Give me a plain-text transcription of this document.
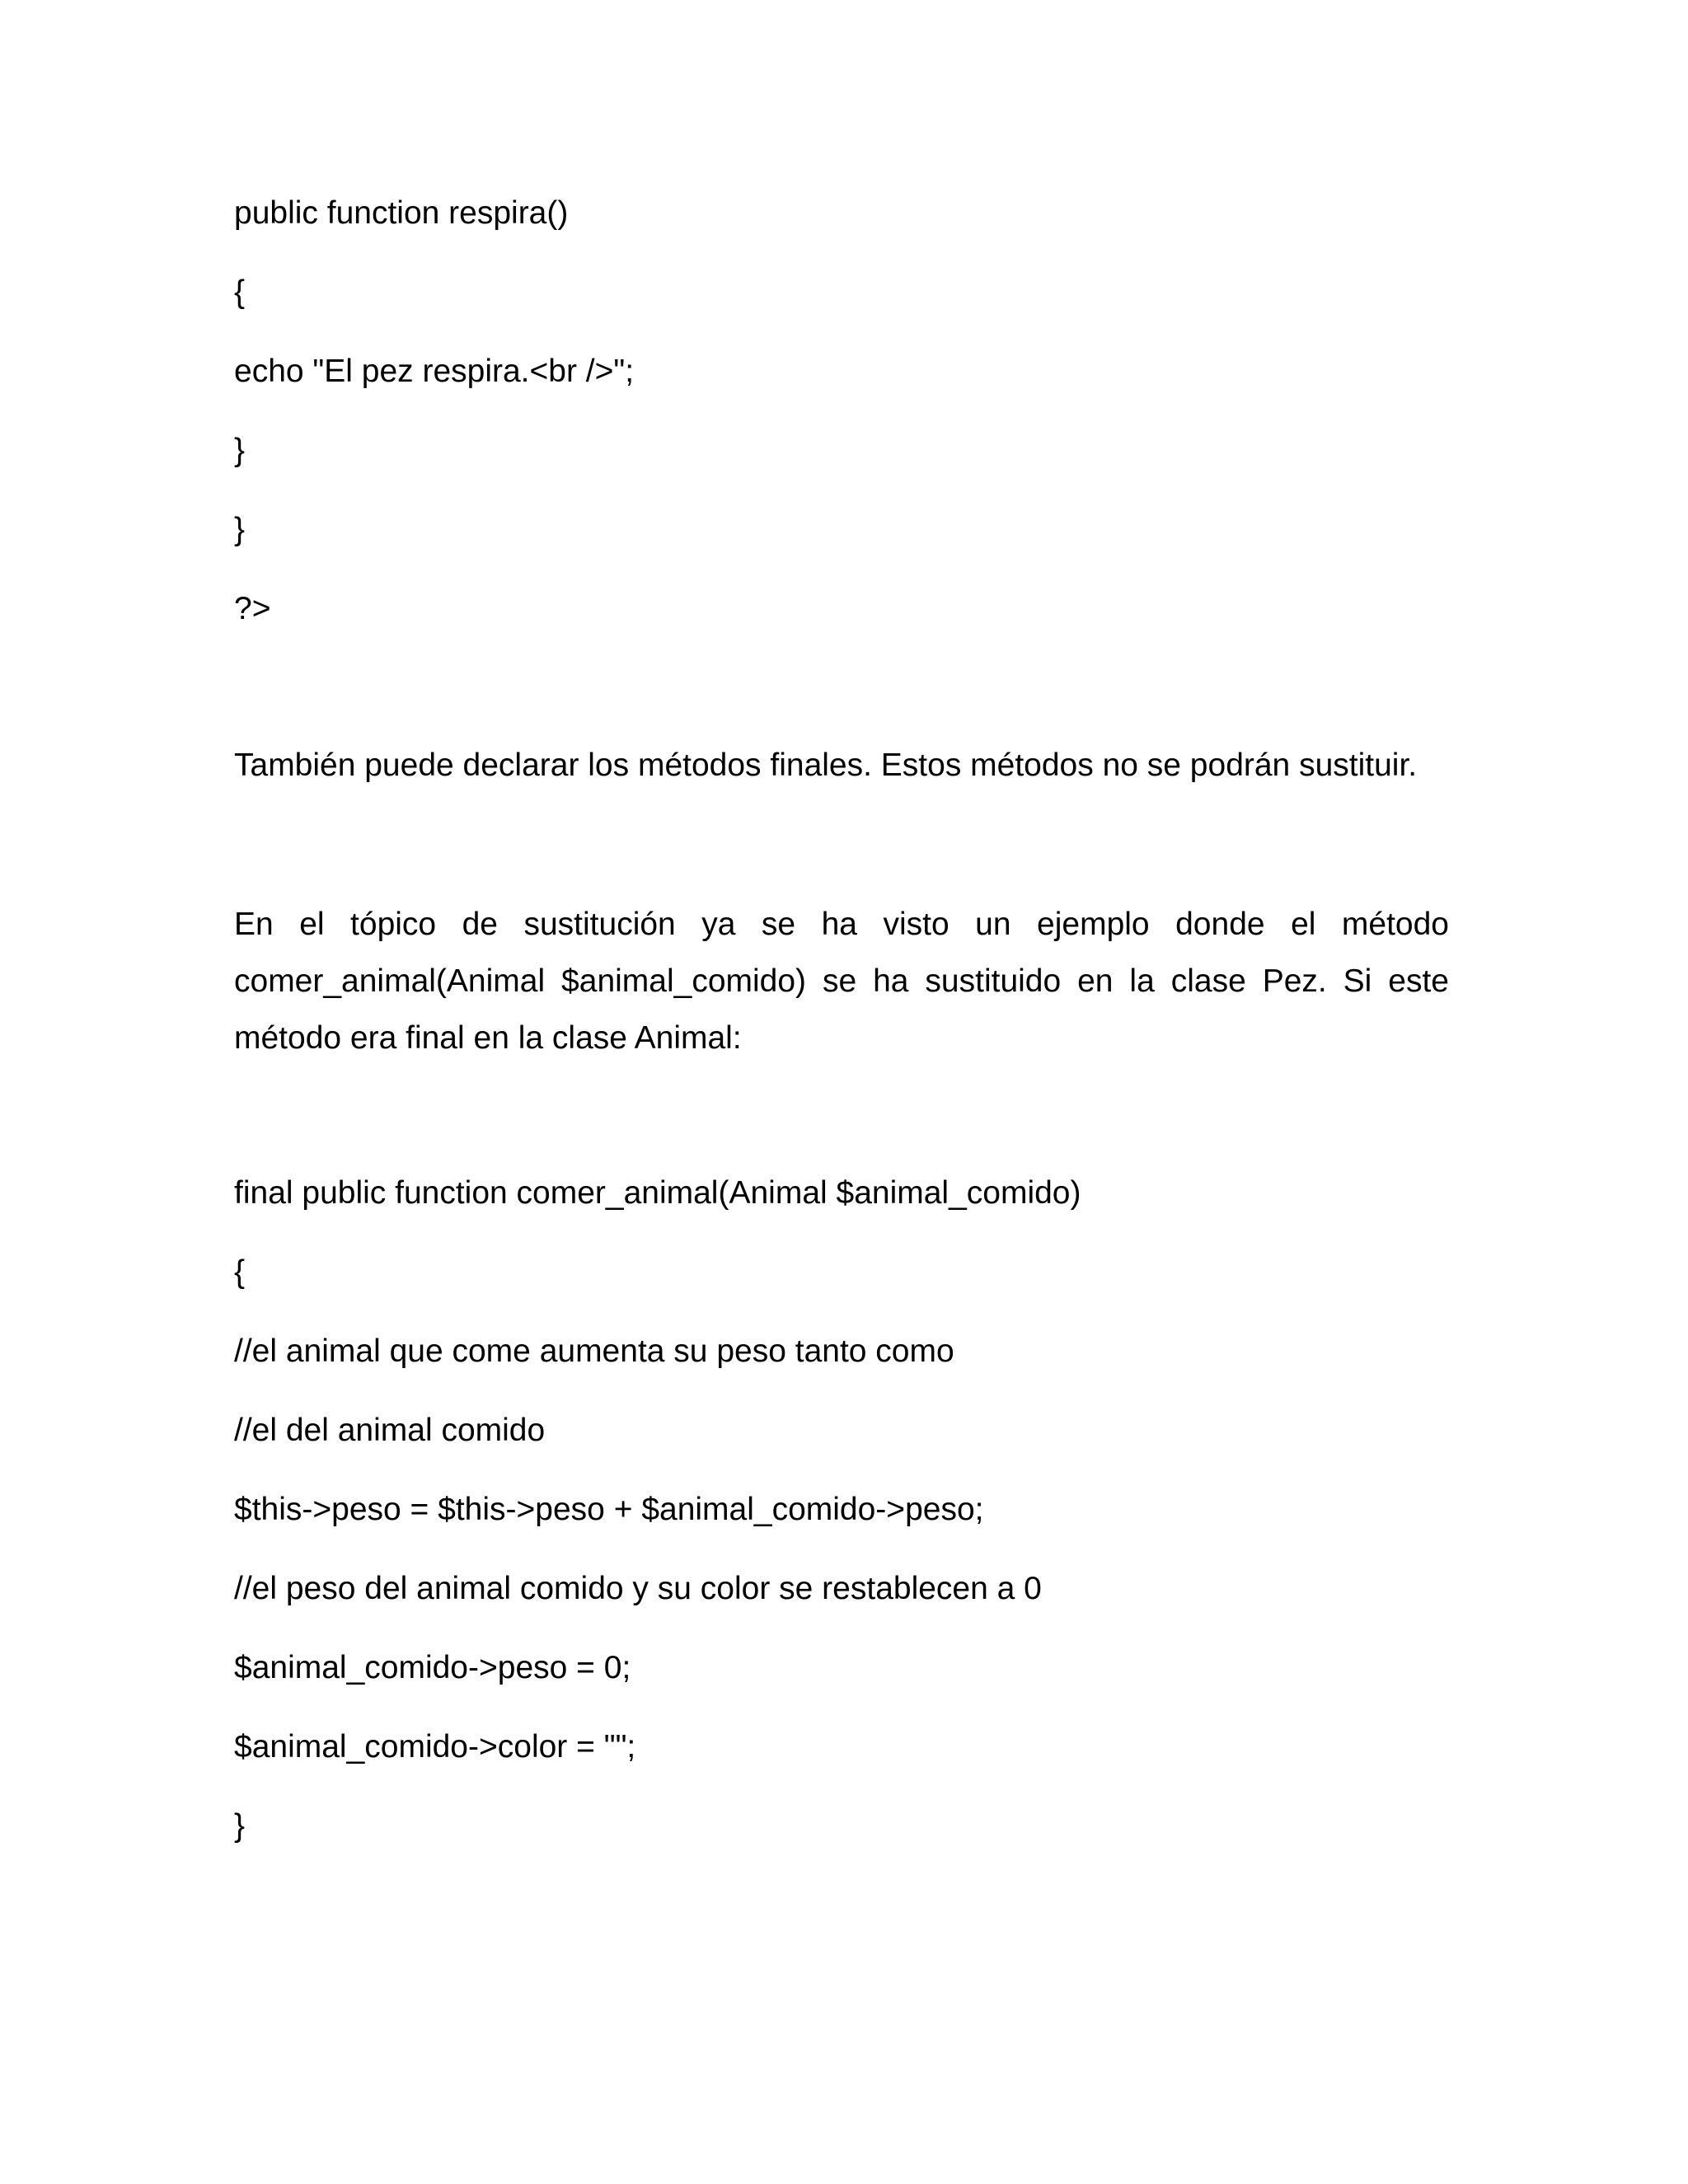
public function respira()

{

echo "El pez respira.<br />";

}

}

?>

También puede declarar los métodos finales. Estos métodos no se podrán sustituir.

En el tópico de sustitución ya se ha visto un ejemplo donde el método comer_animal(Animal $animal_comido) se ha sustituido en la clase Pez. Si este método era final en la clase Animal:

final public function comer_animal(Animal $animal_comido)

{

//el animal que come aumenta su peso tanto como

//el del animal comido

$this->peso = $this->peso + $animal_comido->peso;

//el peso del animal comido y su color se restablecen a 0

$animal_comido->peso = 0;

$animal_comido->color = "";

}
